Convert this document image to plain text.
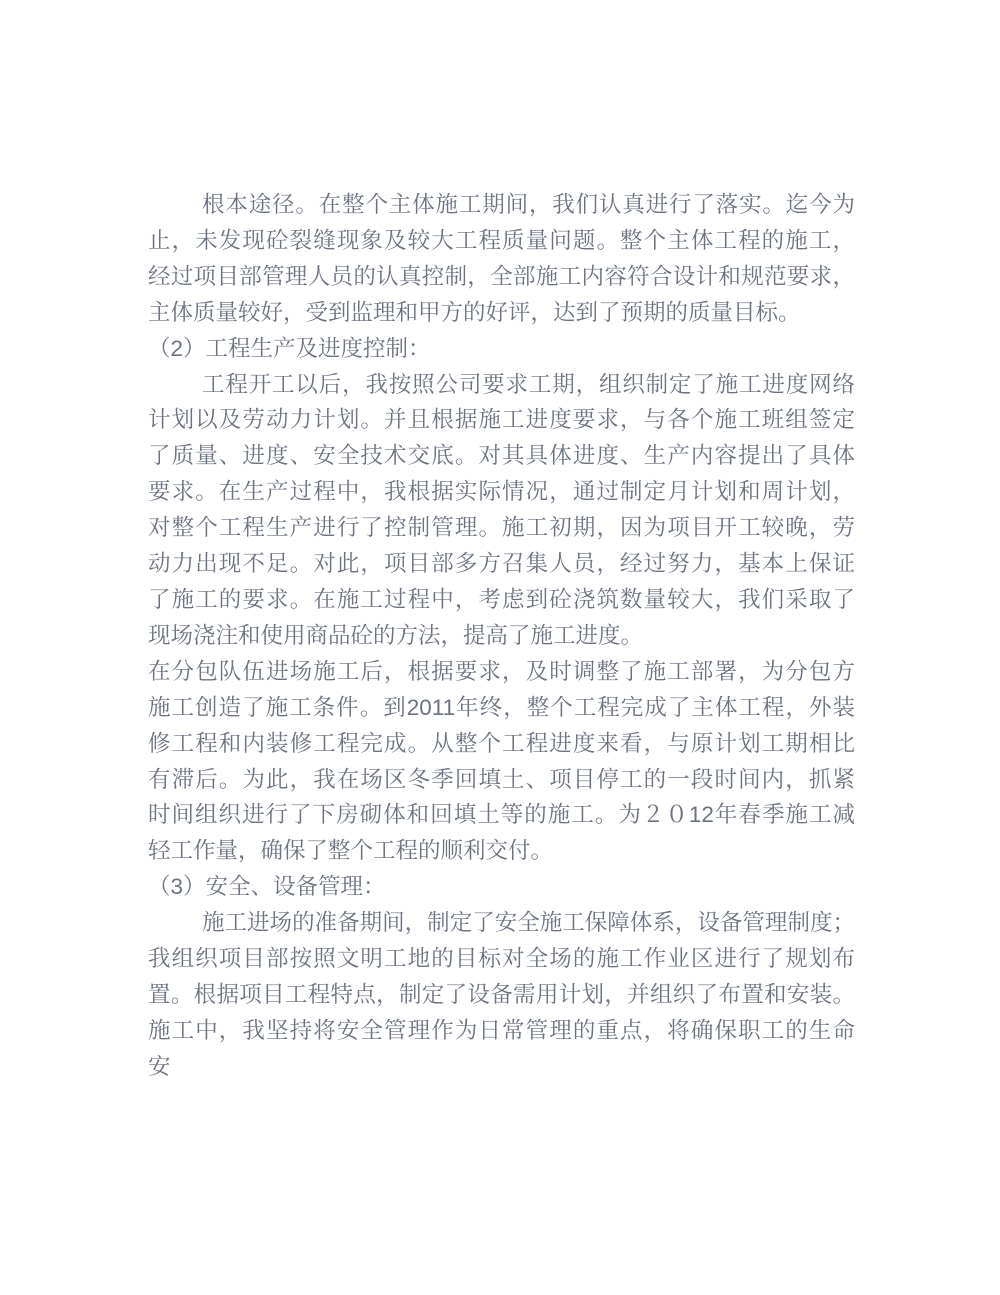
根本途径。在整个主体施工期间，我们认真进行了落实。迄今为
止，未发现砼裂缝现象及较大工程质量问题。整个主体工程的施工，
经过项目部管理人员的认真控制，全部施工内容符合设计和规范要求，
主体质量较好，受到监理和甲方的好评，达到了预期的质量目标。
（2）工程生产及进度控制：
工程开工以后，我按照公司要求工期，组织制定了施工进度网络
计划以及劳动力计划。并且根据施工进度要求，与各个施工班组签定
了质量、进度、安全技术交底。对其具体进度、生产内容提出了具体
要求。在生产过程中，我根据实际情况，通过制定月计划和周计划，
对整个工程生产进行了控制管理。施工初期，因为项目开工较晚，劳
动力出现不足。对此，项目部多方召集人员，经过努力，基本上保证
了施工的要求。在施工过程中，考虑到砼浇筑数量较大，我们采取了
现场浇注和使用商品砼的方法，提高了施工进度。
在分包队伍进场施工后，根据要求，及时调整了施工部署，为分包方
施工创造了施工条件。到2011年终，整个工程完成了主体工程，外装
修工程和内装修工程完成。从整个工程进度来看，与原计划工期相比
有滞后。为此，我在场区冬季回填土、项目停工的一段时间内，抓紧
时间组织进行了下房砌体和回填土等的施工。为２０12年春季施工减
轻工作量，确保了整个工程的顺利交付。
（3）安全、设备管理：
施工进场的准备期间，制定了安全施工保障体系，设备管理制度；
我组织项目部按照文明工地的目标对全场的施工作业区进行了规划布
置。根据项目工程特点，制定了设备需用计划，并组织了布置和安装。
施工中，我坚持将安全管理作为日常管理的重点，将确保职工的生命
安
